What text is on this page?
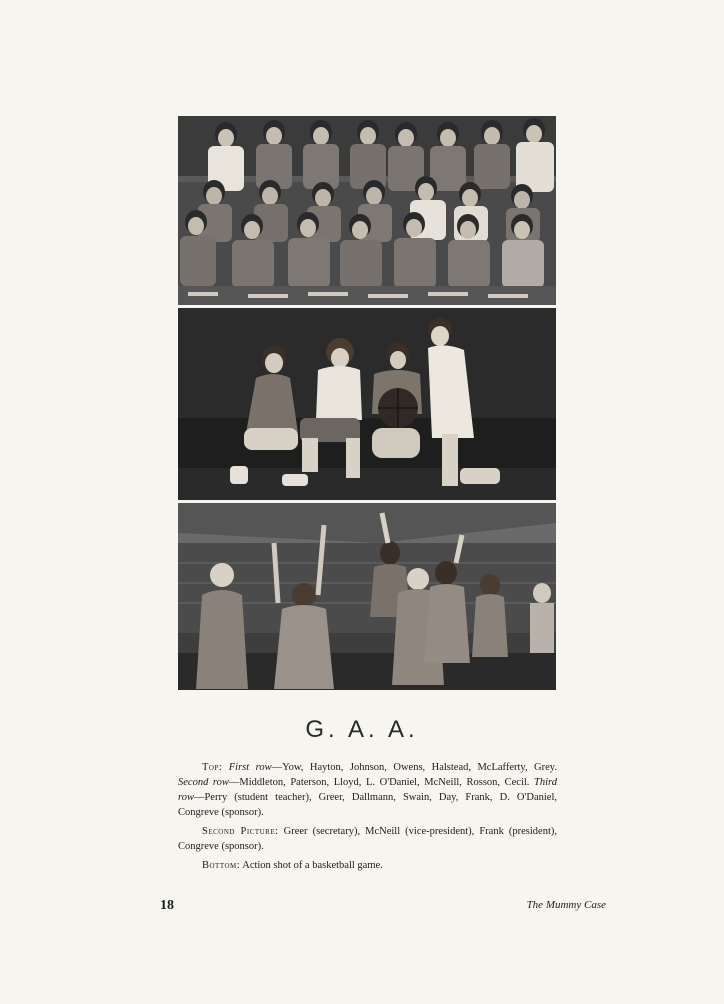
G. A. A.

Top: First row—Yow, Hayton, Johnson, Owens, Halstead, McLafferty, Grey. Second row—Middleton, Paterson, Lloyd, L. O'Daniel, McNeill, Rosson, Cecil. Third row—Perry (student teacher), Greer, Dallmann, Swain, Day, Frank, D. O'Daniel, Congreve (sponsor).

Second Picture: Greer (secretary), McNeill (vice-president), Frank (president), Congreve (sponsor).

Bottom: Action shot of a basketball game.

18	The Mummy Case
